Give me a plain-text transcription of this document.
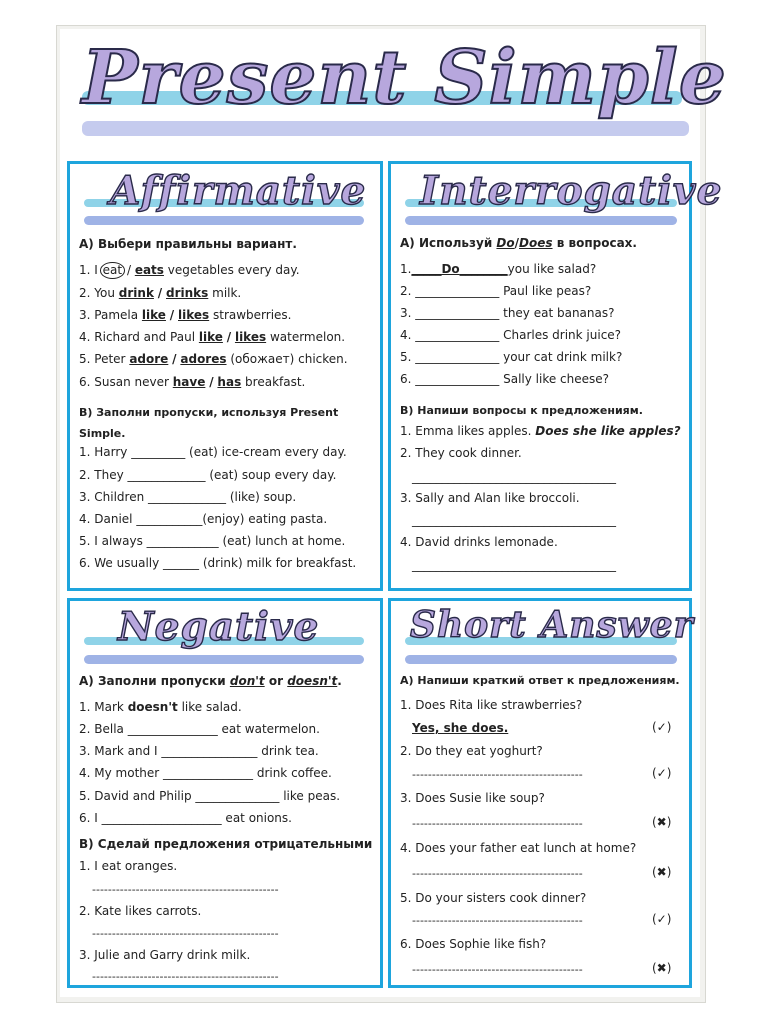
Present Simple
Affirmative
A) Выбери правильны вариант.
1. I eat / eats vegetables every day.
2. You drink / drinks milk.
3. Pamela like / likes strawberries.
4. Richard and Paul like / likes watermelon.
5. Peter adore / adores (обожает) chicken.
6. Susan never have / has breakfast.
B) Заполни пропуски, используя Present
Simple.
1. Harry _________ (eat) ice-cream every day.
2. They _____________ (eat) soup every day.
3. Children _____________ (like) soup.
4. Daniel ___________(enjoy) eating pasta.
5. I always ____________ (eat) lunch at home.
6. We usually ______ (drink) milk for breakfast.
Interrogative
A) Используй Do/Does в вопросах.
1._____Do________you like salad?
2. ______________ Paul like peas?
3. ______________ they eat bananas?
4. ______________ Charles drink juice?
5. ______________ your cat drink milk?
6. ______________ Sally like cheese?
B) Напиши вопросы к предложениям.
1. Emma likes apples. Does she like apples?
2. They cook dinner.
__________________________________
3. Sally and Alan like broccoli.
__________________________________
4. David drinks lemonade.
__________________________________
Negative
A) Заполни пропуски don't or doesn't.
1. Mark doesn't like salad.
2. Bella _______________ eat watermelon.
3. Mark and I ________________ drink tea.
4. My mother _______________ drink coffee.
5. David and Philip ______________ like peas.
6. I ____________________ eat onions.
B) Сделай предложения отрицательными
1. I eat oranges.
-----------------------------------------------
2. Kate likes carrots.
-----------------------------------------------
3. Julie and Garry drink milk.
-----------------------------------------------
Short Answer
A) Напиши краткий ответ к предложениям.
1. Does Rita like strawberries?
Yes, she does.	(✓)
2. Do they eat yoghurt?
-------------------------------------------	(✓)
3. Does Susie like soup?
-------------------------------------------	(✖)
4. Does your father eat lunch at home?
-------------------------------------------	(✖)
5. Do your sisters cook dinner?
-------------------------------------------	(✓)
6. Does Sophie like fish?
-------------------------------------------	(✖)
